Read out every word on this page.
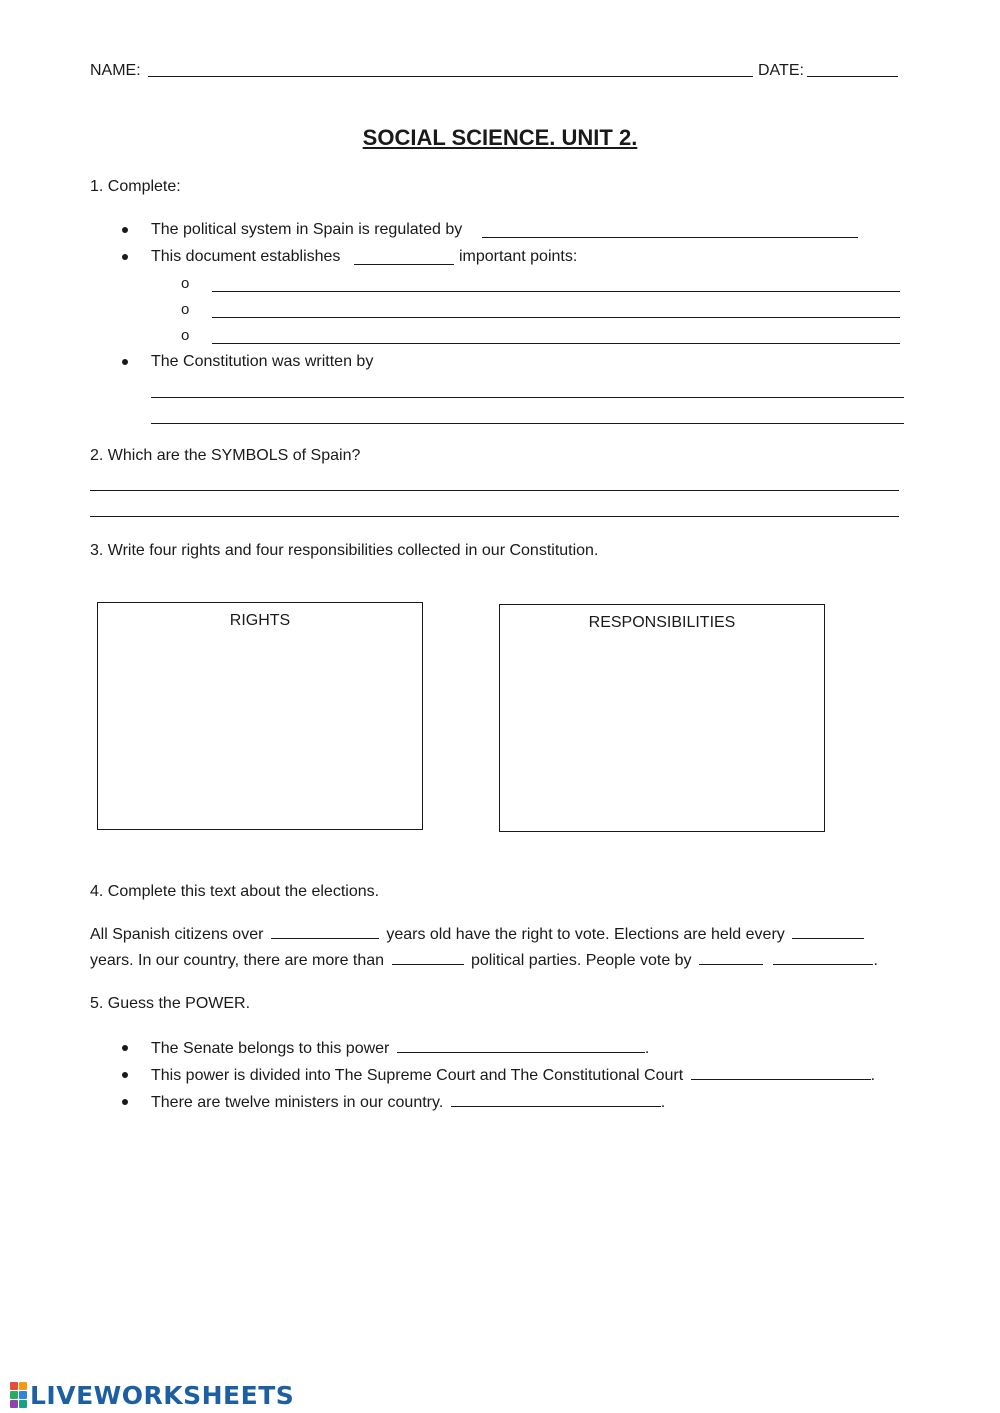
NAME:	DATE:
SOCIAL SCIENCE. UNIT 2.
1. Complete:
The political system in Spain is regulated by
This document establishes	important points:
o
o
o
The Constitution was written by
2. Which are the SYMBOLS of Spain?
3. Write four rights and four responsibilities collected in our Constitution.
RIGHTS	RESPONSIBILITIES
4. Complete this text about the elections.
All Spanish citizens over	years old have the right to vote. Elections are held every
years. In our country, there are more than	political parties. People vote by	.
5. Guess the POWER.
The Senate belongs to this power	.
This power is divided into The Supreme Court and The Constitutional Court	.
There are twelve ministers in our country.	.
LIVEWORKSHEETS
